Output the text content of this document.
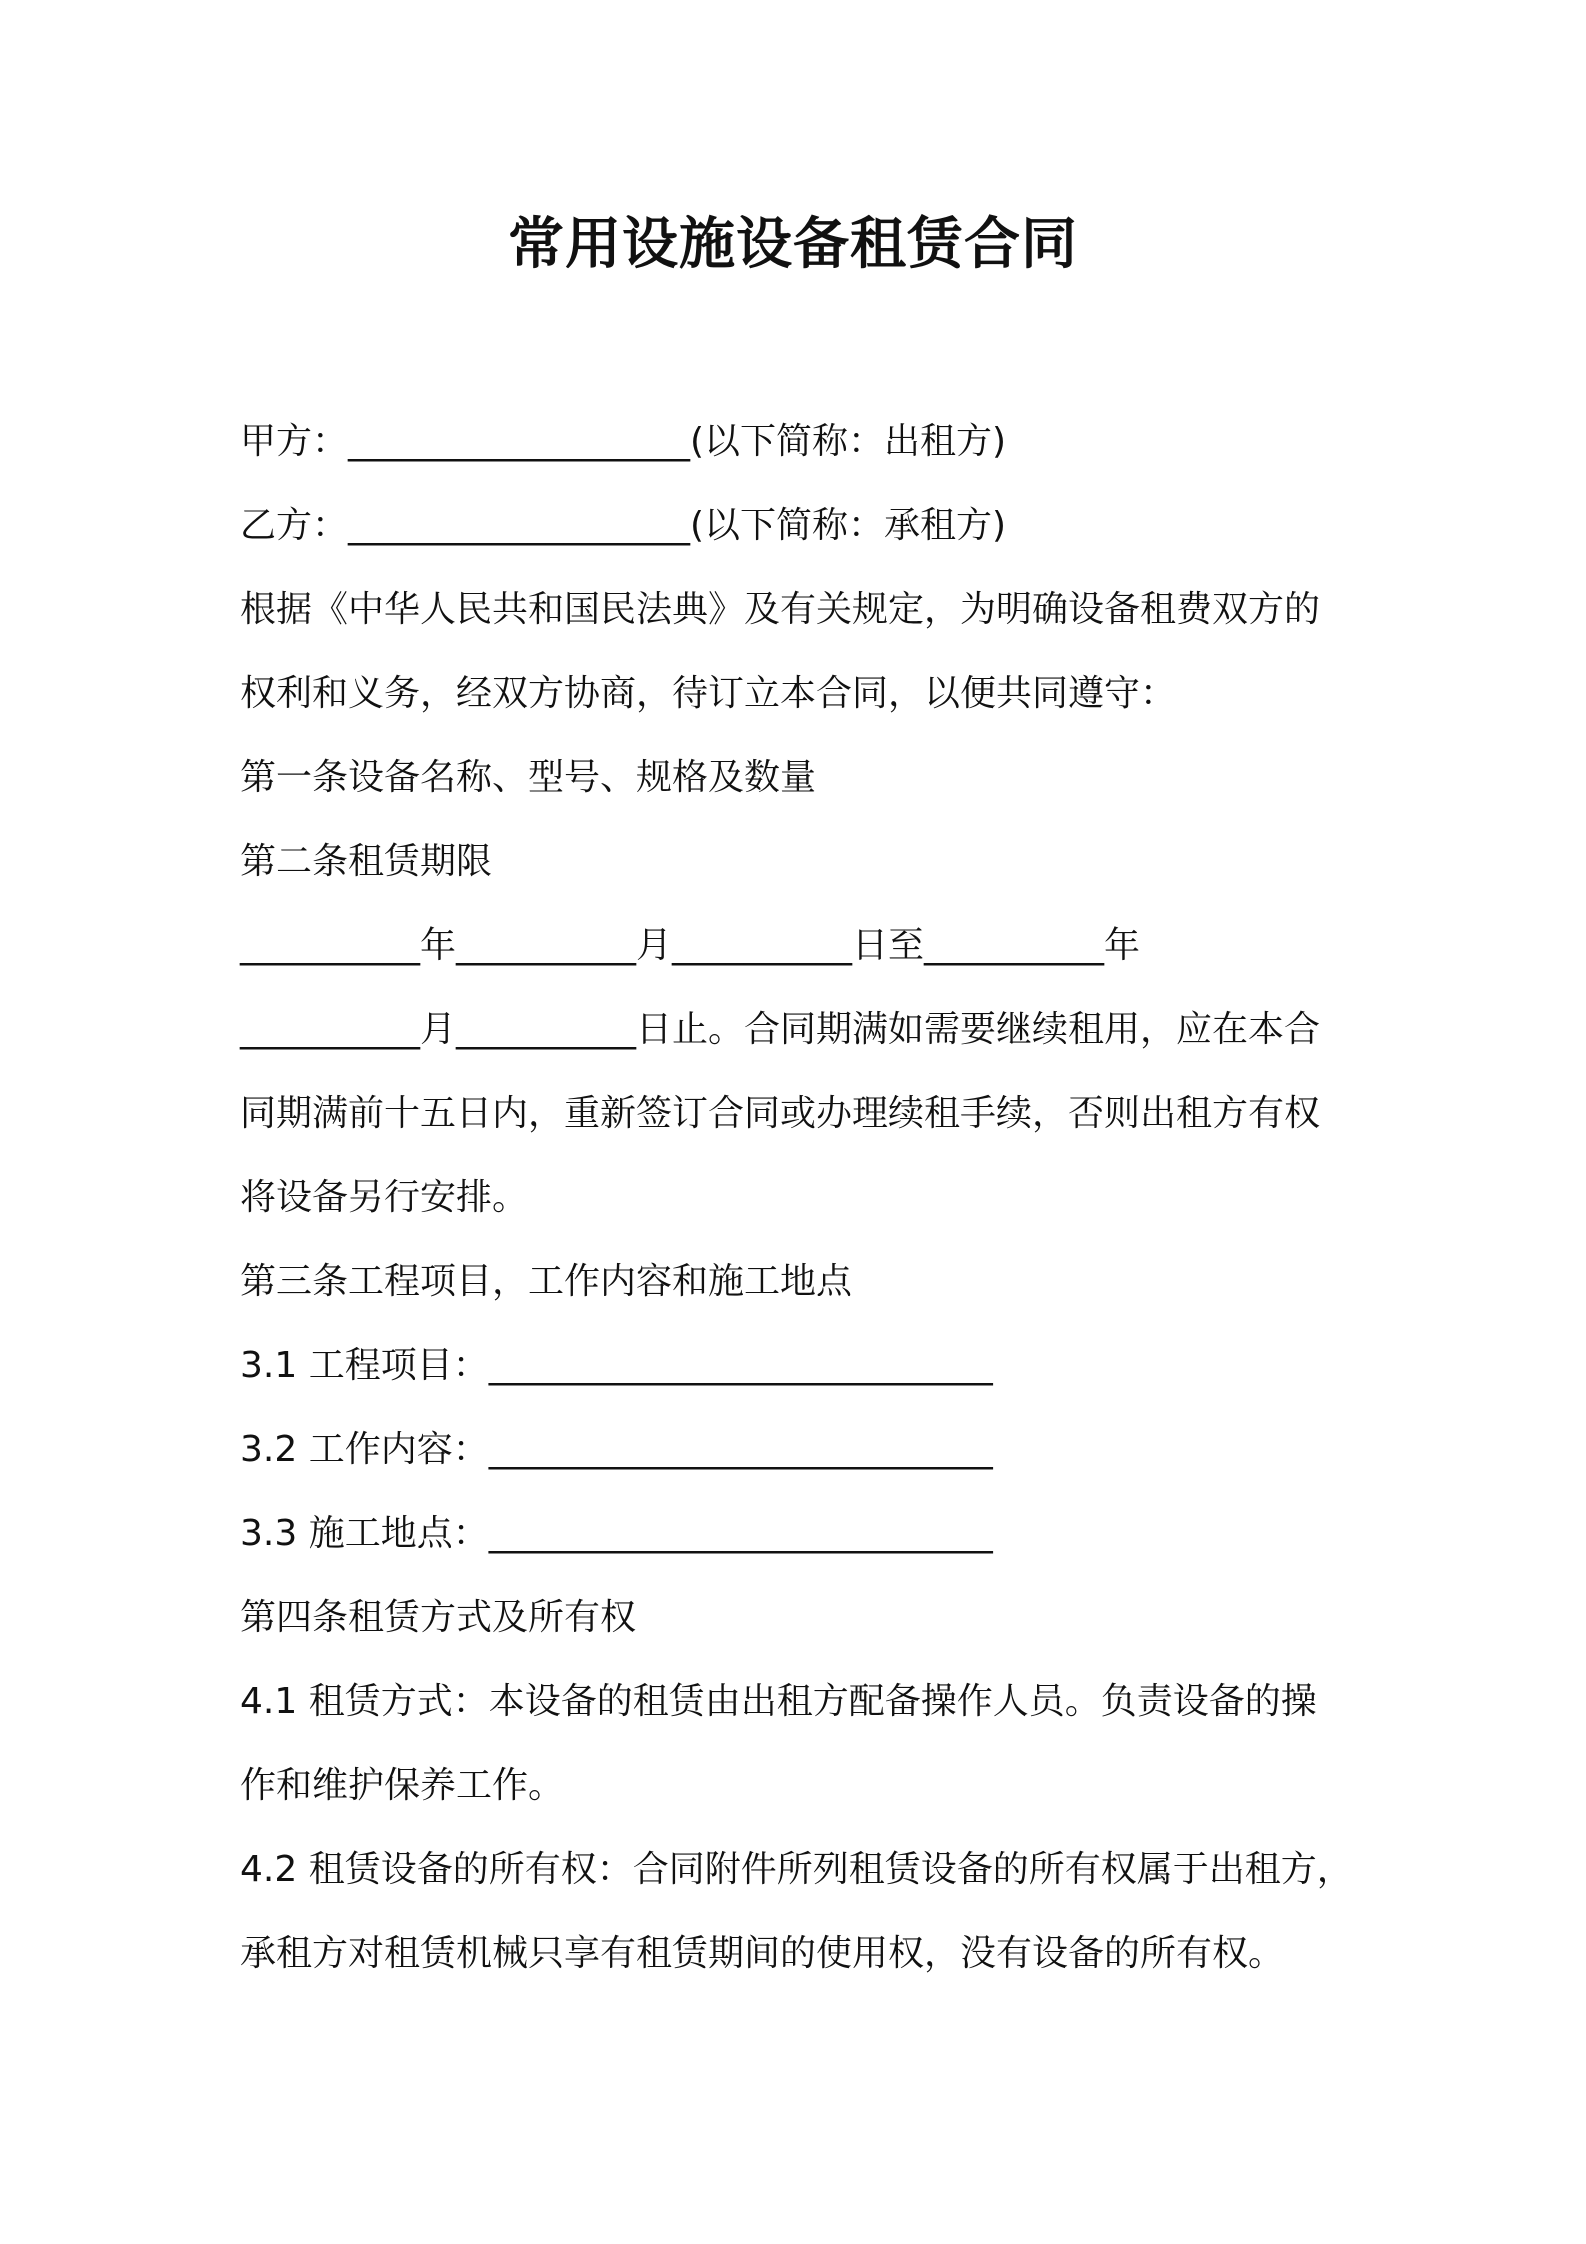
常用设施设备租赁合同
甲方：___________________(以下简称：出租方)
乙方：___________________(以下简称：承租方)
根据《中华人民共和国民法典》及有关规定，为明确设备租费双方的
权利和义务，经双方协商，待订立本合同，以便共同遵守：
第一条设备名称、型号、规格及数量
第二条租赁期限
__________年__________月__________日至__________年
__________月__________日止。合同期满如需要继续租用，应在本合
同期满前十五日内，重新签订合同或办理续租手续，否则出租方有权
将设备另行安排。
第三条工程项目，工作内容和施工地点
3.1 工程项目：____________________________
3.2 工作内容：____________________________
3.3 施工地点：____________________________
第四条租赁方式及所有权
4.1 租赁方式：本设备的租赁由出租方配备操作人员。负责设备的操
作和维护保养工作。
4.2 租赁设备的所有权：合同附件所列租赁设备的所有权属于出租方，
承租方对租赁机械只享有租赁期间的使用权，没有设备的所有权。
